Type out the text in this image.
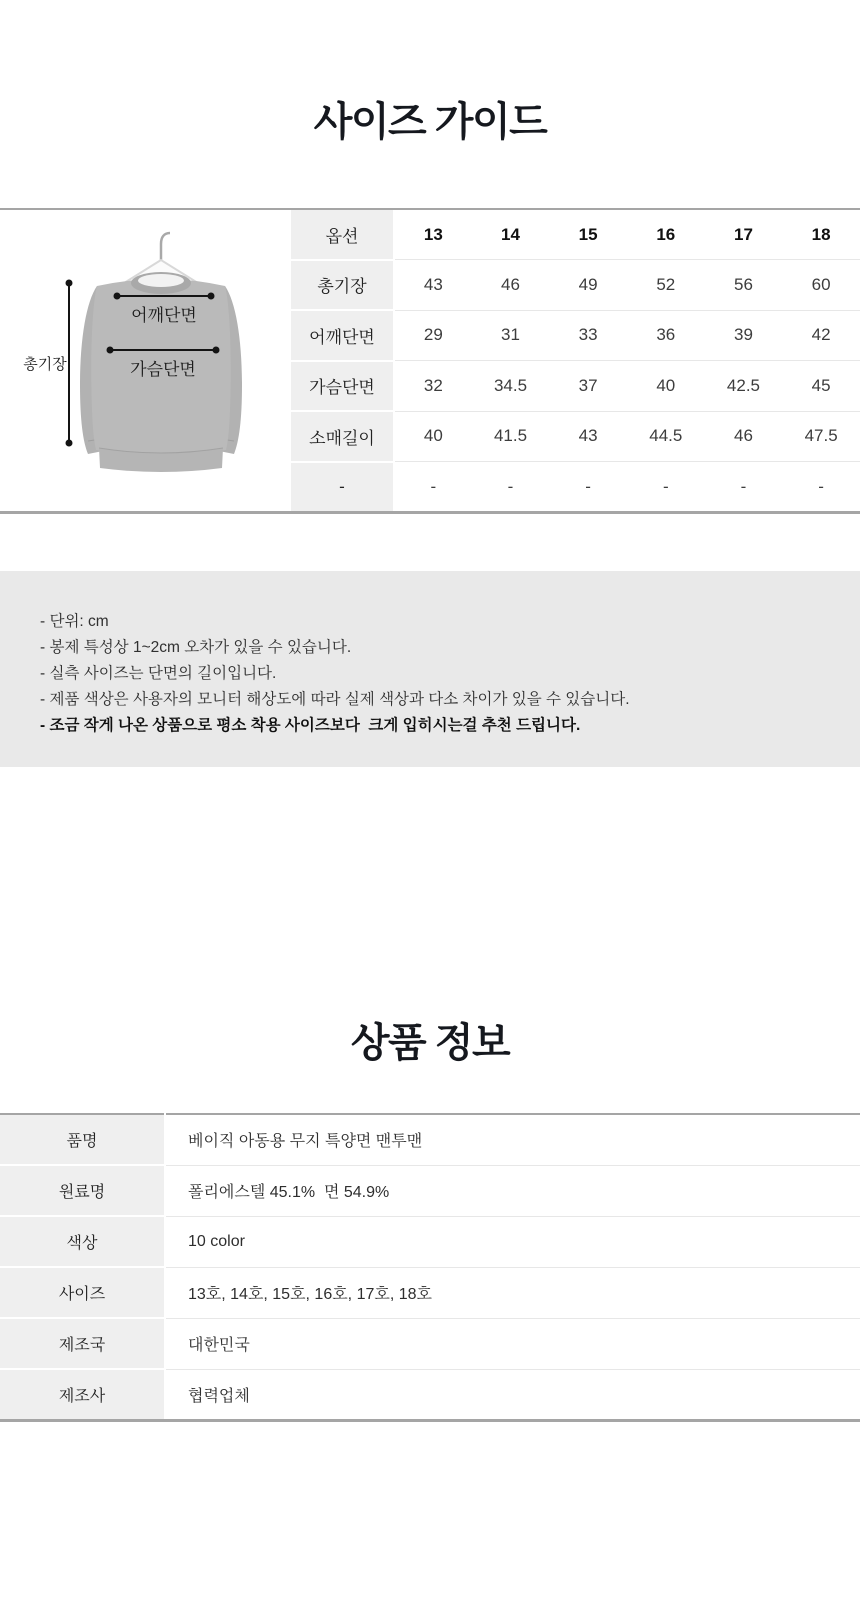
사이즈 가이드
어깨단면
가슴단면
총기장
옵션	13	14	15	16	17	18
총기장	43	46	49	52	56	60
어깨단면	29	31	33	36	39	42
가슴단면	32	34.5	37	40	42.5	45
소매길이	40	41.5	43	44.5	46	47.5
-	-	-	-	-	-	-

- 단위: cm

- 봉제 특성상 1~2cm 오차가 있을 수 있습니다.

- 실측 사이즈는 단면의 길이입니다.

- 제품 색상은 사용자의 모니터 해상도에 따라 실제 색상과 다소 차이가 있을 수 있습니다.

- 조금 작게 나온 상품으로 평소 착용 사이즈보다  크게 입히시는걸 추천 드립니다.

상품 정보
품명	베이직 아동용 무지 특양면 맨투맨
원료명	폴리에스텔 45.1%  면 54.9%
색상	10 color
사이즈	13호, 14호, 15호, 16호, 17호, 18호
제조국	대한민국
제조사	협력업체
